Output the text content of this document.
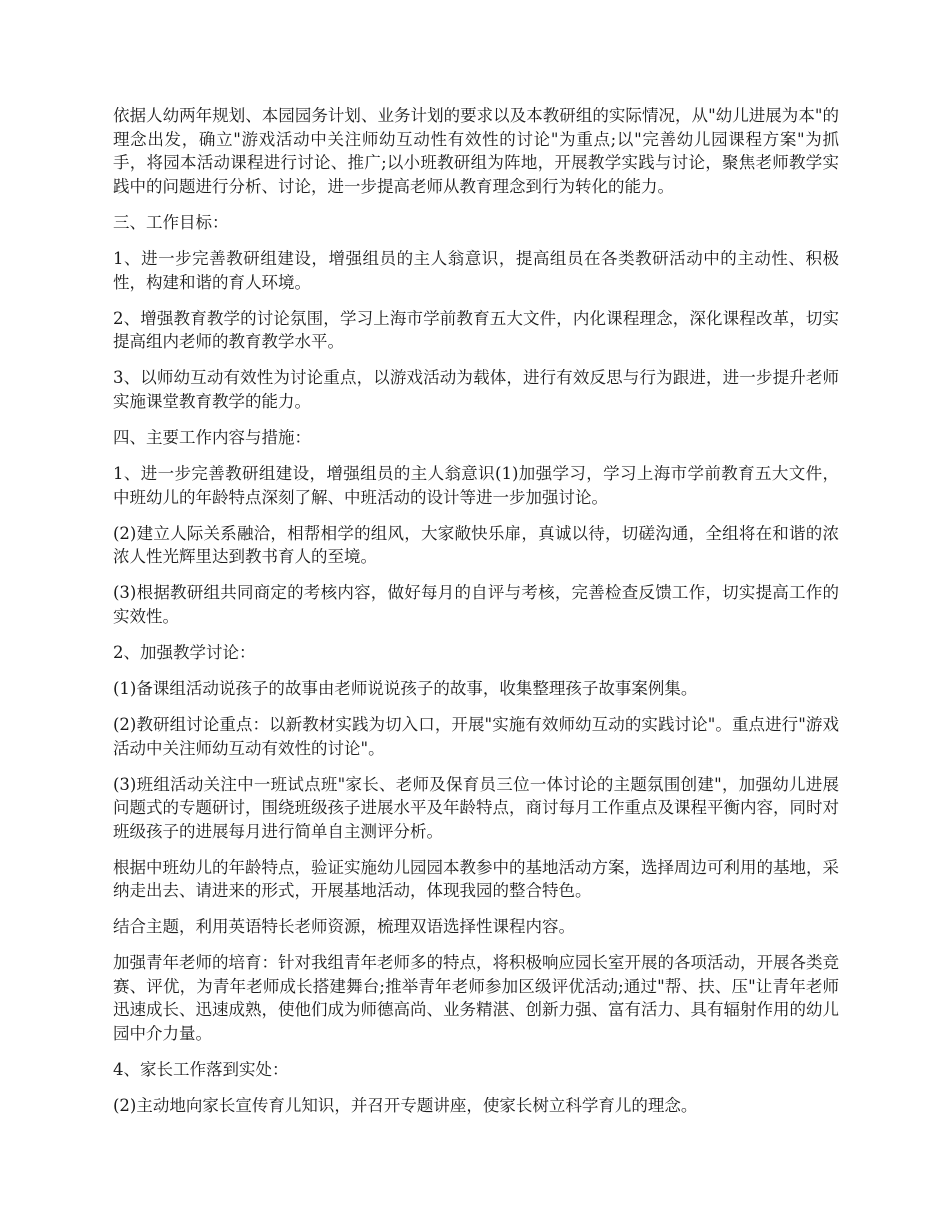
依据人幼两年规划、本园园务计划、业务计划的要求以及本教研组的实际情况，从"幼儿进展为本"的理念出发，确立"游戏活动中关注师幼互动性有效性的讨论"为重点;以"完善幼儿园课程方案"为抓手，将园本活动课程进行讨论、推广;以小班教研组为阵地，开展教学实践与讨论，聚焦老师教学实践中的问题进行分析、讨论，进一步提高老师从教育理念到行为转化的能力。

三、工作目标：

1、进一步完善教研组建设，增强组员的主人翁意识，提高组员在各类教研活动中的主动性、积极性，构建和谐的育人环境。

2、增强教育教学的讨论氛围，学习上海市学前教育五大文件，内化课程理念，深化课程改革，切实提高组内老师的教育教学水平。

3、以师幼互动有效性为讨论重点，以游戏活动为载体，进行有效反思与行为跟进，进一步提升老师实施课堂教育教学的能力。

四、主要工作内容与措施：

1、进一步完善教研组建设，增强组员的主人翁意识(1)加强学习，学习上海市学前教育五大文件，中班幼儿的年龄特点深刻了解、中班活动的设计等进一步加强讨论。

(2)建立人际关系融洽，相帮相学的组风，大家敞快乐扉，真诚以待，切磋沟通，全组将在和谐的浓浓人性光辉里达到教书育人的至境。

(3)根据教研组共同商定的考核内容，做好每月的自评与考核，完善检查反馈工作，切实提高工作的实效性。

2、加强教学讨论：

(1)备课组活动说孩子的故事由老师说说孩子的故事，收集整理孩子故事案例集。

(2)教研组讨论重点：以新教材实践为切入口，开展"实施有效师幼互动的实践讨论"。重点进行"游戏活动中关注师幼互动有效性的讨论"。

(3)班组活动关注中一班试点班"家长、老师及保育员三位一体讨论的主题氛围创建"，加强幼儿进展问题式的专题研讨，围绕班级孩子进展水平及年龄特点，商讨每月工作重点及课程平衡内容，同时对班级孩子的进展每月进行简单自主测评分析。

根据中班幼儿的年龄特点，验证实施幼儿园园本教参中的基地活动方案，选择周边可利用的基地，采纳走出去、请进来的形式，开展基地活动，体现我园的整合特色。

结合主题，利用英语特长老师资源，梳理双语选择性课程内容。

加强青年老师的培育：针对我组青年老师多的特点，将积极响应园长室开展的各项活动，开展各类竞赛、评优，为青年老师成长搭建舞台;推举青年老师参加区级评优活动;通过"帮、扶、压"让青年老师迅速成长、迅速成熟，使他们成为师德高尚、业务精湛、创新力强、富有活力、具有辐射作用的幼儿园中介力量。

4、家长工作落到实处：

(2)主动地向家长宣传育儿知识，并召开专题讲座，使家长树立科学育儿的理念。
